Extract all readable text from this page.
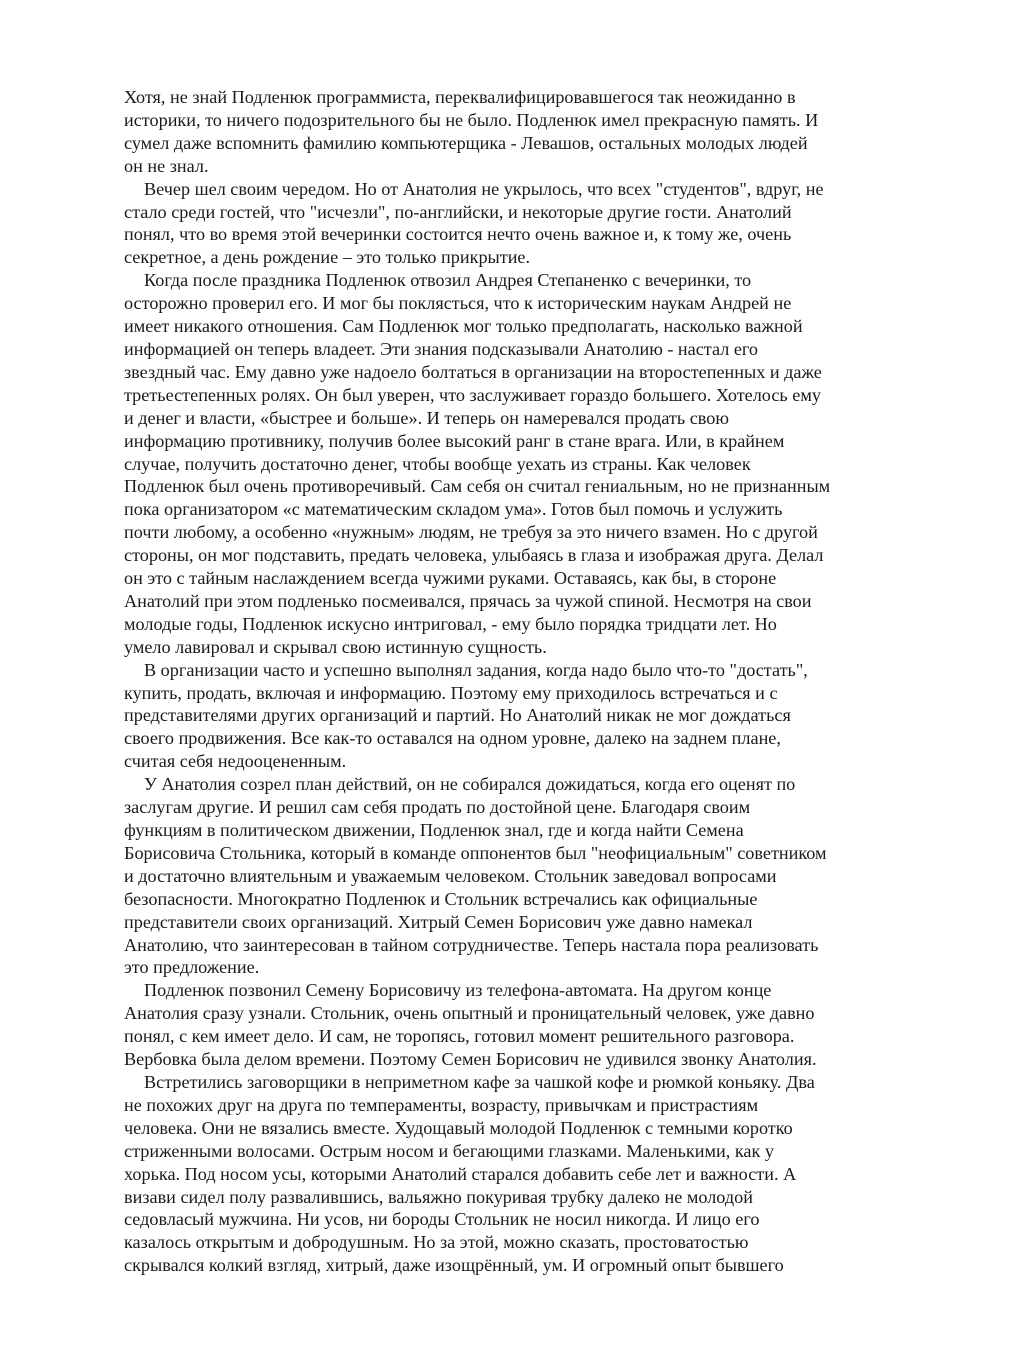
Хотя, не знай Подленюк программиста, переквалифицировавшегося так неожиданно в
историки, то ничего подозрительного бы не было. Подленюк имел прекрасную память. И
сумел даже вспомнить фамилию компьютерщика - Левашов, остальных молодых людей
он не знал.
Вечер шел своим чередом. Но от Анатолия не укрылось, что всех "студентов", вдруг, не
стало среди гостей, что "исчезли", по-английски, и некоторые другие гости. Анатолий
понял, что во время этой вечеринки состоится нечто очень важное и, к тому же, очень
секретное, а день рождение – это только прикрытие.
Когда после праздника Подленюк отвозил Андрея Степаненко с вечеринки, то
осторожно проверил его. И мог бы поклясться, что к историческим наукам Андрей не
имеет никакого отношения. Сам Подленюк мог только предполагать, насколько важной
информацией он теперь владеет. Эти знания подсказывали Анатолию - настал его
звездный час. Ему давно уже надоело болтаться в организации на второстепенных и даже
третьестепенных ролях. Он был уверен, что заслуживает гораздо большего. Хотелось ему
и денег и власти, «быстрее и больше». И теперь он намеревался продать свою
информацию противнику, получив более высокий ранг в стане врага. Или, в крайнем
случае, получить достаточно денег, чтобы вообще уехать из страны. Как человек
Подленюк был очень противоречивый. Сам себя он считал гениальным, но не признанным
пока организатором «с математическим складом ума». Готов был помочь и услужить
почти любому, а особенно «нужным» людям, не требуя за это ничего взамен. Но с другой
стороны, он мог подставить, предать человека, улыбаясь в глаза и изображая друга. Делал
он это с тайным наслаждением всегда чужими руками. Оставаясь, как бы, в стороне
Анатолий при этом подленько посмеивался, прячась за чужой спиной. Несмотря на свои
молодые годы, Подленюк искусно интриговал, - ему было порядка тридцати лет. Но
умело лавировал и скрывал свою истинную сущность.
В организации часто и успешно выполнял задания, когда надо было что-то "достать",
купить, продать, включая и информацию. Поэтому ему приходилось встречаться и с
представителями других организаций и партий. Но Анатолий никак не мог дождаться
своего продвижения. Все как-то оставался на одном уровне, далеко на заднем плане,
считая себя недооцененным.
У Анатолия созрел план действий, он не собирался дожидаться, когда его оценят по
заслугам другие. И решил сам себя продать по достойной цене. Благодаря своим
функциям в политическом движении, Подленюк знал, где и когда найти Семена
Борисовича Стольника, который в команде оппонентов был "неофициальным" советником
и достаточно влиятельным и уважаемым человеком. Стольник заведовал вопросами
безопасности. Многократно Подленюк и Стольник встречались как официальные
представители своих организаций. Хитрый Семен Борисович уже давно намекал
Анатолию, что заинтересован в тайном сотрудничестве. Теперь настала пора реализовать
это предложение.
Подленюк позвонил Семену Борисовичу из телефона-автомата. На другом конце
Анатолия сразу узнали. Стольник, очень опытный и проницательный человек, уже давно
понял, с кем имеет дело. И сам, не торопясь, готовил момент решительного разговора.
Вербовка была делом времени. Поэтому Семен Борисович не удивился звонку Анатолия.
Встретились заговорщики в неприметном кафе за чашкой кофе и рюмкой коньяку. Два
не похожих друг на друга по темпераменты, возрасту, привычкам и пристрастиям
человека. Они не вязались вместе. Худощавый молодой Подленюк с темными коротко
стриженными волосами. Острым носом и бегающими глазками. Маленькими, как у
хорька. Под носом усы, которыми Анатолий старался добавить себе лет и важности. А
визави сидел полу развалившись, вальяжно покуривая трубку далеко не молодой
седовласый мужчина. Ни усов, ни бороды Стольник не носил никогда. И лицо его
казалось открытым и добродушным. Но за этой, можно сказать, простоватостью
скрывался колкий взгляд, хитрый, даже изощрённый, ум. И огромный опыт бывшего
